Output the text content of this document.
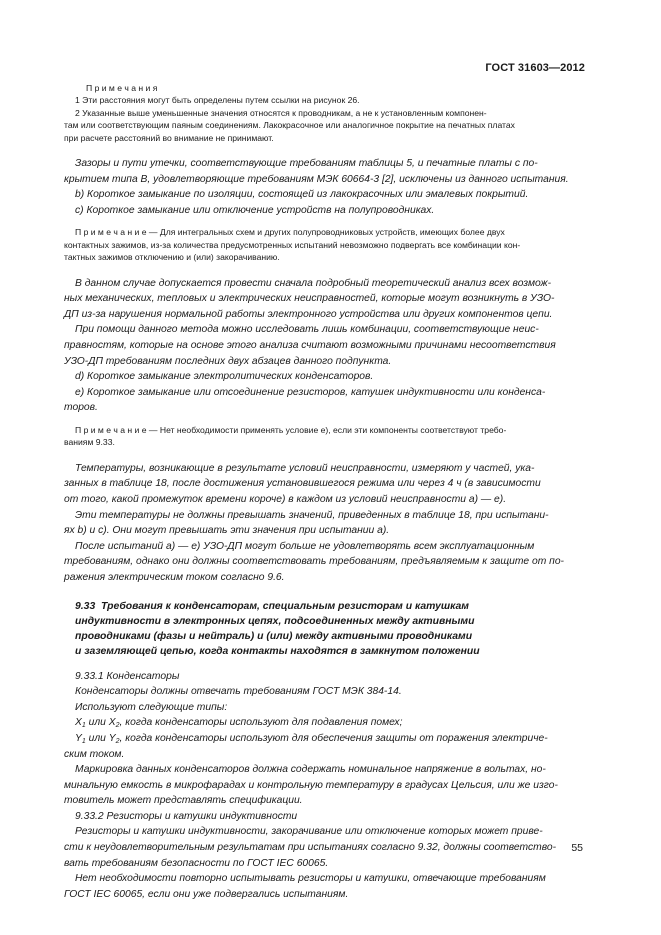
ГОСТ 31603—2012

П р и м е ч а н и я

1 Эти расстояния могут быть определены путем ссылки на рисунок 26.

2 Указанные выше уменьшенные значения относятся к проводникам, а не к установленным компонен-

там или соответствующим паяным соединениям. Лакокрасочное или аналогичное покрытие на печатных платах

при расчете расстояний во внимание не принимают.

Зазоры и пути утечки, соответствующие требованиям таблицы 5, и печатные платы с по-

крытием типа В, удовлетворяющие требованиям МЭК 60664-3 [2], исключены из данного испытания.

b) Короткое замыкание по изоляции, состоящей из лакокрасочных или эмалевых покрытий.

c) Короткое замыкание или отключение устройств на полупроводниках.

П р и м е ч а н и е — Для интегральных схем и других полупроводниковых устройств, имеющих более двух

контактных зажимов, из-за количества предусмотренных испытаний невозможно подвергать все комбинации кон-

тактных зажимов отключению и (или) закорачиванию.

В данном случае допускается провести сначала подробный теоретический анализ всех возмож-

ных механических, тепловых и электрических неисправностей, которые могут возникнуть в УЗО-

ДП из-за нарушения нормальной работы электронного устройства или других компонентов цепи.

При помощи данного метода можно исследовать лишь комбинации, соответствующие неис-

правностям, которые на основе этого анализа считают возможными причинами несоответствия

УЗО-ДП требованиям последних двух абзацев данного подпункта.

d) Короткое замыкание электролитических конденсаторов.

e) Короткое замыкание или отсоединение резисторов, катушек индуктивности или конденса-

торов.

П р и м е ч а н и е — Нет необходимости применять условие e), если эти компоненты соответствуют требо-

ваниям 9.33.

Температуры, возникающие в результате условий неисправности, измеряют у частей, ука-

занных в таблице 18, после достижения установившегося режима или через 4 ч (в зависимости

от того, какой промежуток времени короче) в каждом из условий неисправности a) — e).

Эти температуры не должны превышать значений, приведенных в таблице 18, при испытани-

ях b) и c). Они могут превышать эти значения при испытании a).

После испытаний a) — e) УЗО-ДП могут больше не удовлетворять всем эксплуатационным

требованиям, однако они должны соответствовать требованиям, предъявляемым к защите от по-

ражения электрическим током согласно 9.6.

9.33 Требования к конденсаторам, специальным резисторам и катушкам

индуктивности в электронных цепях, подсоединенных между активными

проводниками (фазы и нейтраль) и (или) между активными проводниками

и заземляющей цепью, когда контакты находятся в замкнутом положении

9.33.1 Конденсаторы

Конденсаторы должны отвечать требованиям ГОСТ МЭК 384-14.

Используют следующие типы:

$X_1$ или $X_2$, когда конденсаторы используют для подавления помех;

$Y_1$ или $Y_2$, когда конденсаторы используют для обеспечения защиты от поражения электриче-

ским током.

Маркировка данных конденсаторов должна содержать номинальное напряжение в вольтах, но-

минальную емкость в микрофарадах и контрольную температуру в градусах Цельсия, или же изго-

товитель может представлять спецификации.

9.33.2 Резисторы и катушки индуктивности

Резисторы и катушки индуктивности, закорачивание или отключение которых может приве-

сти к неудовлетворительным результатам при испытаниях согласно 9.32, должны соответство-

вать требованиям безопасности по ГОСТ IEC 60065.

Нет необходимости повторно испытывать резисторы и катушки, отвечающие требованиям

ГОСТ IEC 60065, если они уже подвергались испытаниям.

55
